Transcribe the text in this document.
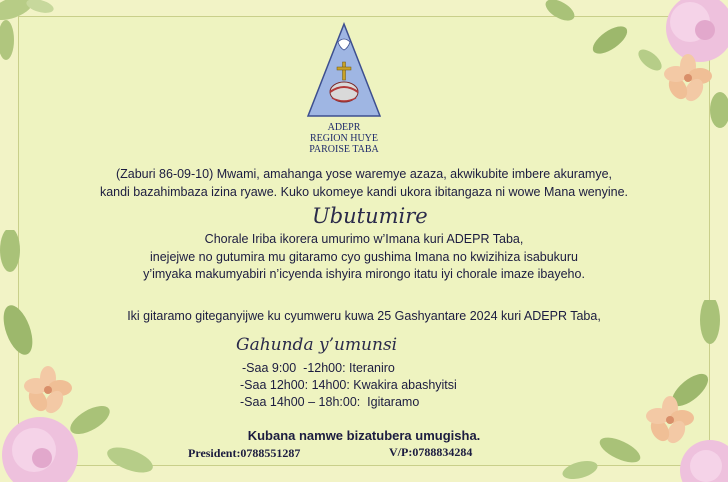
ADEPR
REGION HUYE
PAROISE TABA
(Zaburi 86-09-10) Mwami, amahanga yose waremye azaza, akwikubite imbere akuramye,
kandi bazahimbaza izina ryawe. Kuko ukomeye kandi ukora ibitangaza ni wowe Mana wenyine.
Ubutumire
Chorale Iriba ikorera umurimo w’Imana kuri ADEPR Taba,
inejejwe no gutumira mu gitaramo cyo gushima Imana no kwizihiza isabukuru
y’imyaka makumyabiri n’icyenda ishyira mirongo itatu iyi chorale imaze ibayeho.
Iki gitaramo giteganyijwe ku cyumweru kuwa 25 Gashyantare 2024 kuri ADEPR Taba,
Gahunda y’umunsi
-Saa 9:00  -12h00: Iteraniro
-Saa 12h00: 14h00: Kwakira abashyitsi
-Saa 14h00 – 18h:00:  Igitaramo
Kubana namwe bizatubera umugisha.
President:0788551287	V/P:0788834284
